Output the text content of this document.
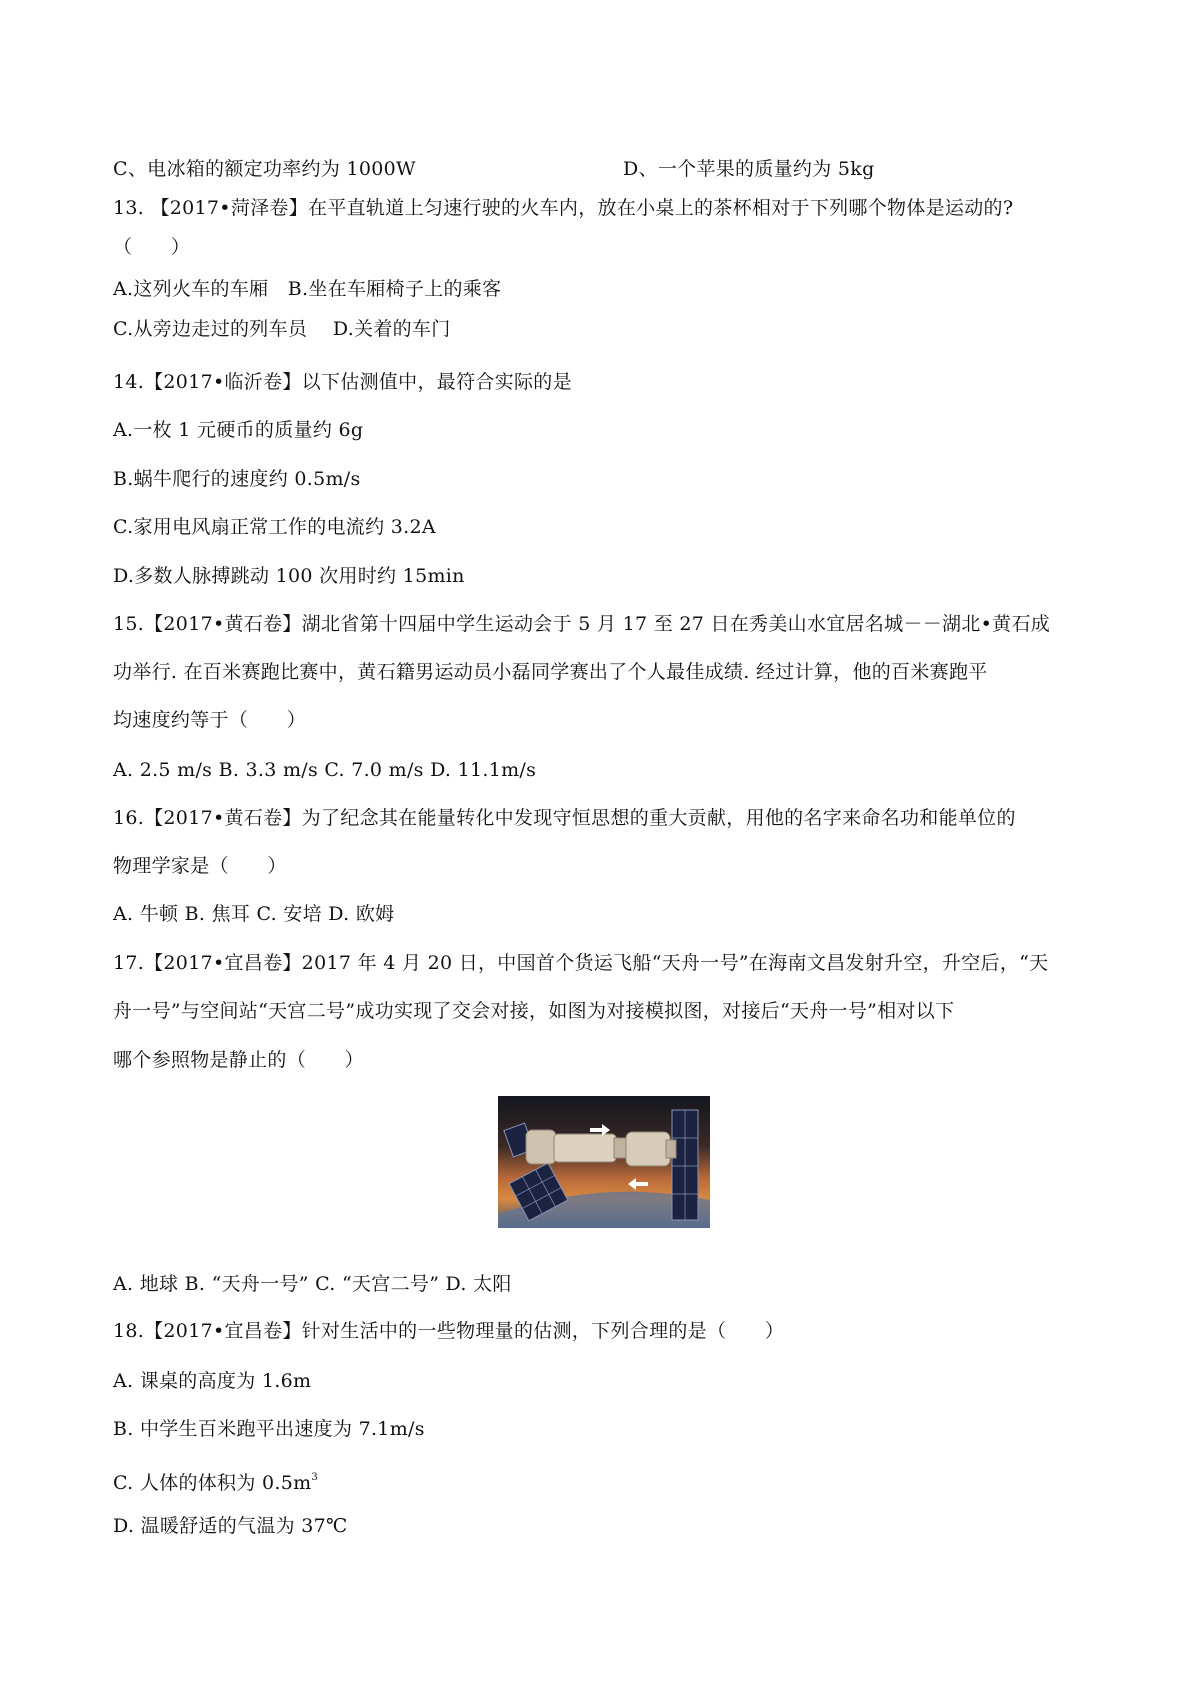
C、电冰箱的额定功率约为 1000W	D、一个苹果的质量约为 5kg
13. 【2017•菏泽卷】在平直轨道上匀速行驶的火车内，放在小桌上的茶杯相对于下列哪个物体是运动的?
（　　）
A.这列火车的车厢　B.坐在车厢椅子上的乘客
C.从旁边走过的列车员　 D.关着的车门
14.【2017•临沂卷】以下估测值中，最符合实际的是
A.一枚 1 元硬币的质量约 6g
B.蜗牛爬行的速度约 0.5m/s
C.家用电风扇正常工作的电流约 3.2A
D.多数人脉搏跳动 100 次用时约 15min
15.【2017•黄石卷】湖北省第十四届中学生运动会于 5 月 17 至 27 日在秀美山水宜居名城－－湖北•黄石成
功举行. 在百米赛跑比赛中，黄石籍男运动员小磊同学赛出了个人最佳成绩. 经过计算，他的百米赛跑平
均速度约等于（　　）
A. 2.5 m/s B. 3.3 m/s C. 7.0 m/s D. 11.1m/s
16.【2017•黄石卷】为了纪念其在能量转化中发现守恒思想的重大贡献，用他的名字来命名功和能单位的
物理学家是（　　）
A. 牛顿 B. 焦耳 C. 安培 D. 欧姆
17.【2017•宜昌卷】2017 年 4 月 20 日，中国首个货运飞船“天舟一号”在海南文昌发射升空，升空后，“天
舟一号”与空间站“天宫二号”成功实现了交会对接，如图为对接模拟图，对接后“天舟一号”相对以下
哪个参照物是静止的（　　）
A. 地球 B. “天舟一号” C. “天宫二号” D. 太阳
18.【2017•宜昌卷】针对生活中的一些物理量的估测，下列合理的是（　　）
A. 课桌的高度为 1.6m
B. 中学生百米跑平出速度为 7.1m/s
C. 人体的体积为 $0.5m^3$
D. 温暖舒适的气温为 37℃
